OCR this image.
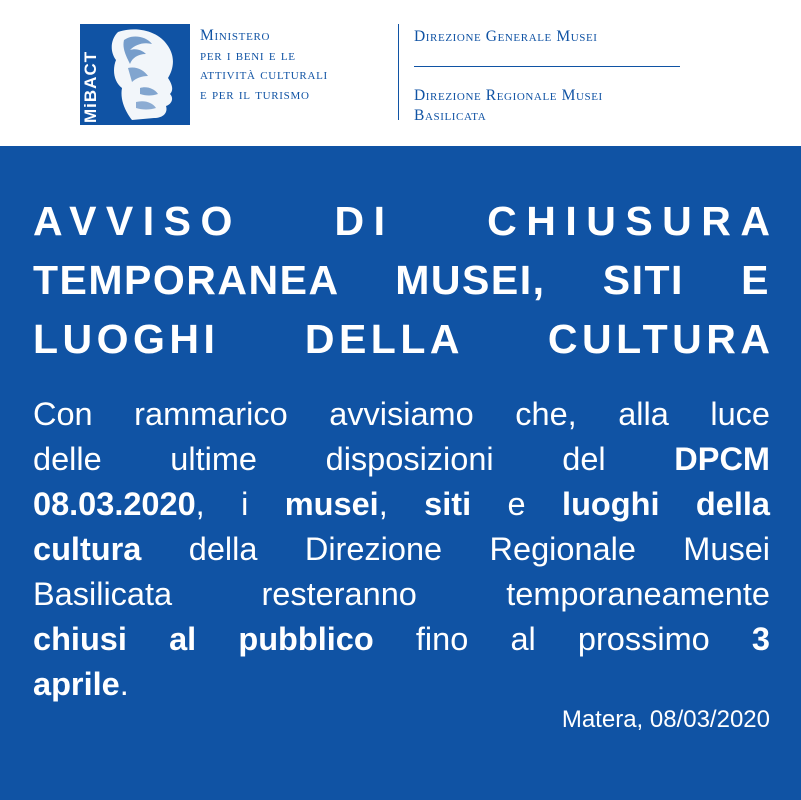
MiBACT
Ministero
per i beni e le
attività culturali
e per il turismo
Direzione Generale Musei
Direzione Regionale Musei
Basilicata
AVVISO DI CHIUSURA
TEMPORANEA MUSEI, SITI E
LUOGHI DELLA CULTURA
Con rammarico avvisiamo che, alla luce
delle ultime disposizioni del DPCM
08.03.2020, i musei, siti e luoghi della
cultura della Direzione Regionale Musei
Basilicata resteranno temporaneamente
chiusi al pubblico fino al prossimo 3
aprile.
Matera, 08/03/2020
